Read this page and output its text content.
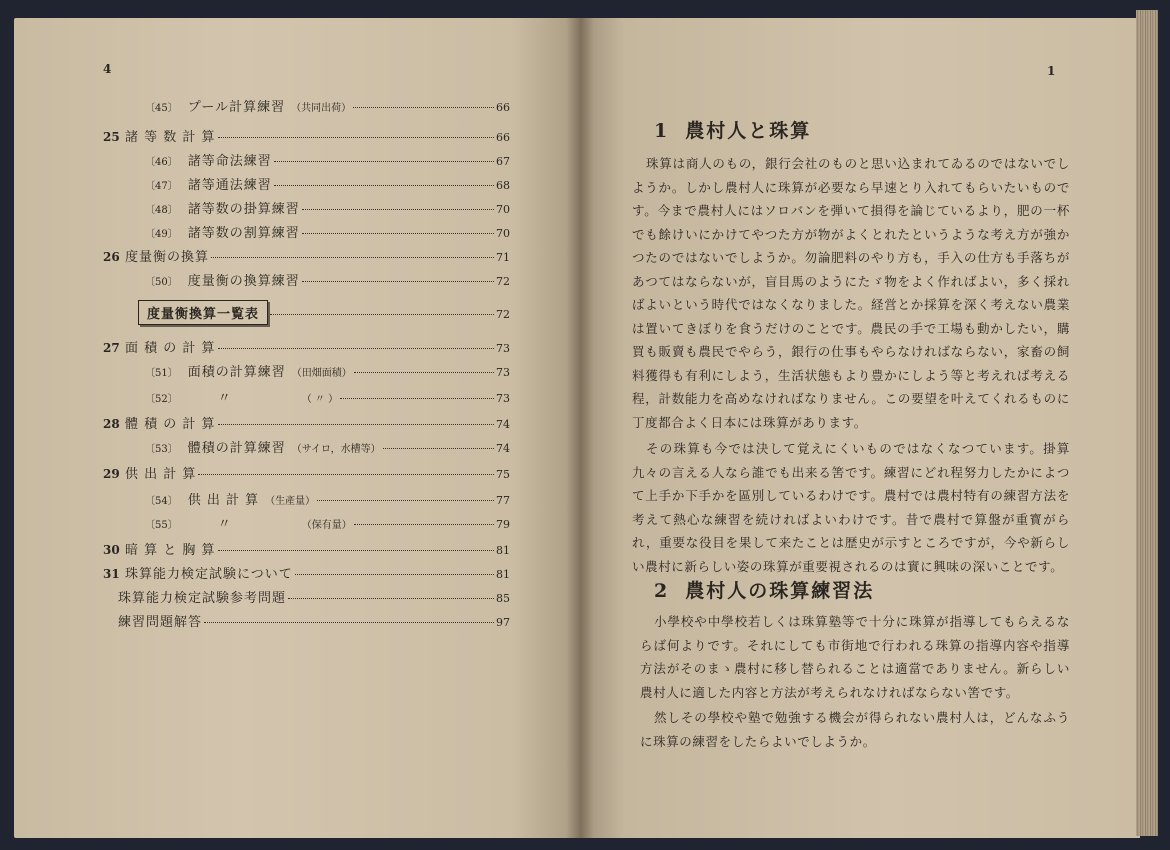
4
〔45〕 プール計算練習 （共同出荷）	66
25 諸 等 数 計 算	66
〔46〕 諸等命法練習	67
〔47〕 諸等通法練習	68
〔48〕 諸等数の掛算練習	70
〔49〕 諸等数の割算練習	70
26 度量衡の換算	71
〔50〕 度量衡の換算練習	72
度量衡換算一覧表	72
27 面 積 の 計 算	73
〔51〕 面積の計算練習 （田畑面積）	73
〔52〕	〃	（ 〃 ）	73
28 體 積 の 計 算	74
〔53〕 體積の計算練習 （サイロ，水槽等）	74
29 供 出 計 算	75
〔54〕 供 出 計 算 （生產量）	77
〔55〕	〃	（保有量）	79
30 暗 算 と 胸 算	81
31 珠算能力検定試験について	81
珠算能力検定試験参考問題	85
練習問題解答	97
1
1 農村人と珠算

珠算は商人のもの，銀行会社のものと思い込まれてゐるのではないでしようか。しかし農村人に珠算が必要なら早速とり入れてもらいたいものです。今まで農村人にはソロバンを弾いて損得を論じているより，肥の一杯でも餘けいにかけてやつた方が物がよくとれたというような考え方が強かつたのではないでしようか。勿論肥料のやり方も，手入の仕方も手落ちがあつてはならないが，盲目馬のようにたゞ物をよく作ればよい，多く採ればよいという時代ではなくなりました。経営とか採算を深く考えない農業は置いてきぼりを食うだけのことです。農民の手で工場も動かしたい，購買も販賣も農民でやらう，銀行の仕事もやらなければならない，家畜の飼料獲得も有利にしよう，生活状態もより豊かにしよう等と考えれば考える程，計数能力を高めなければなりません。この要望を叶えてくれるものに丁度都合よく日本には珠算があります。

その珠算も今では決して覚えにくいものではなくなつています。掛算九々の言える人なら誰でも出来る筈です。練習にどれ程努力したかによつて上手か下手かを區別しているわけです。農村では農村特有の練習方法を考えて熱心な練習を続ければよいわけです。昔で農村で算盤が重寳がられ，重要な役目を果して来たことは歴史が示すところですが，今や新らしい農村に新らしい姿の珠算が重要視されるのは實に興味の深いことです。

2 農村人の珠算練習法

小學校や中學校若しくは珠算塾等で十分に珠算が指導してもらえるならば何よりです。それにしても市街地で行われる珠算の指導内容や指導方法がそのまゝ農村に移し替られることは適當でありません。新らしい農村人に適した内容と方法が考えられなければならない筈です。

然しその學校や塾で勉強する機会が得られない農村人は，どんなふうに珠算の練習をしたらよいでしようか。
